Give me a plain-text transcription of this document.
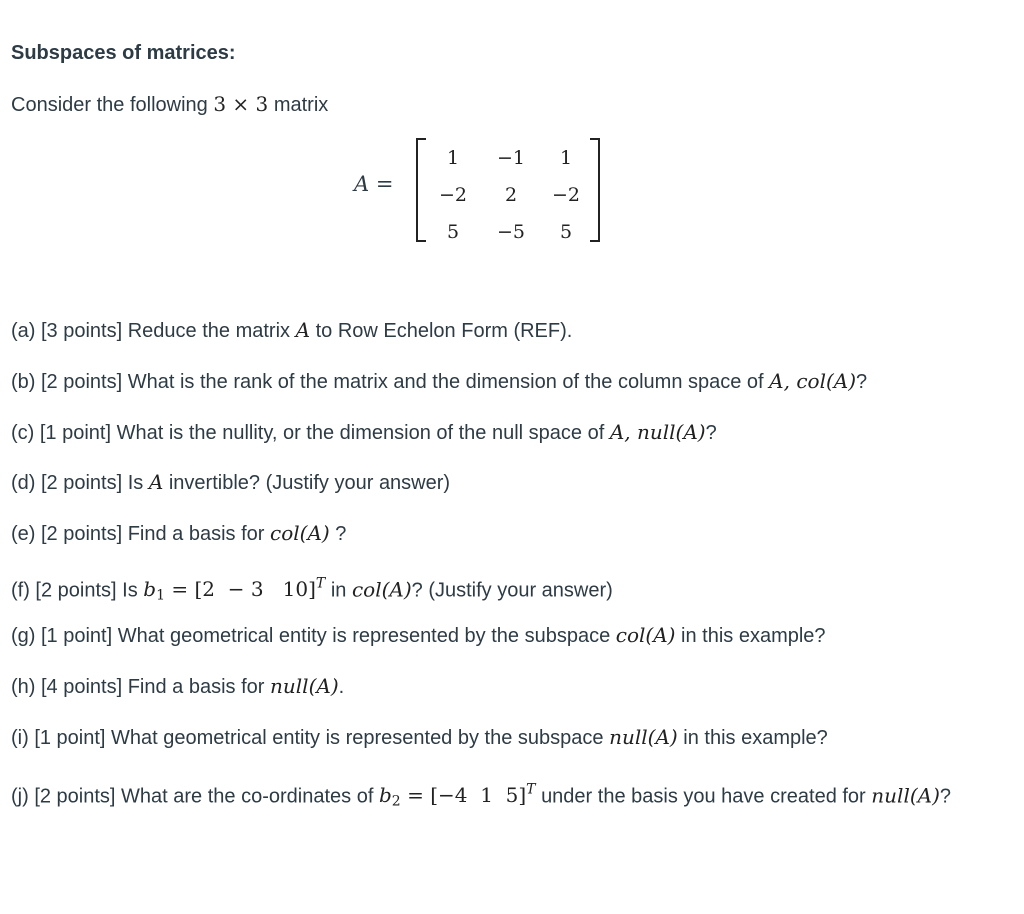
Subspaces of matrices:

Consider the following 3 × 3 matrix

A =
1	−1	1
−2	2	−2
5	−5	5

(a) [3 points] Reduce the matrix A to Row Echelon Form (REF).

(b) [2 points] What is the rank of the matrix and the dimension of the column space of A, col(A)?

(c) [1 point] What is the nullity, or the dimension of the null space of A, null(A)?

(d) [2 points] Is A invertible? (Justify your answer)

(e) [2 points] Find a basis for col(A) ?

(f) [2 points] Is $b_1 = [2 - 3$   10]$^T$ in col(A)? (Justify your answer)

(g) [1 point] What geometrical entity is represented by the subspace col(A) in this example?

(h) [4 points] Find a basis for null(A).

(i) [1 point] What geometrical entity is represented by the subspace null(A) in this example?

(j) [2 points] What are the co-ordinates of $b_2 = [-4$  1  5]$^T$ under the basis you have created for null(A)?
